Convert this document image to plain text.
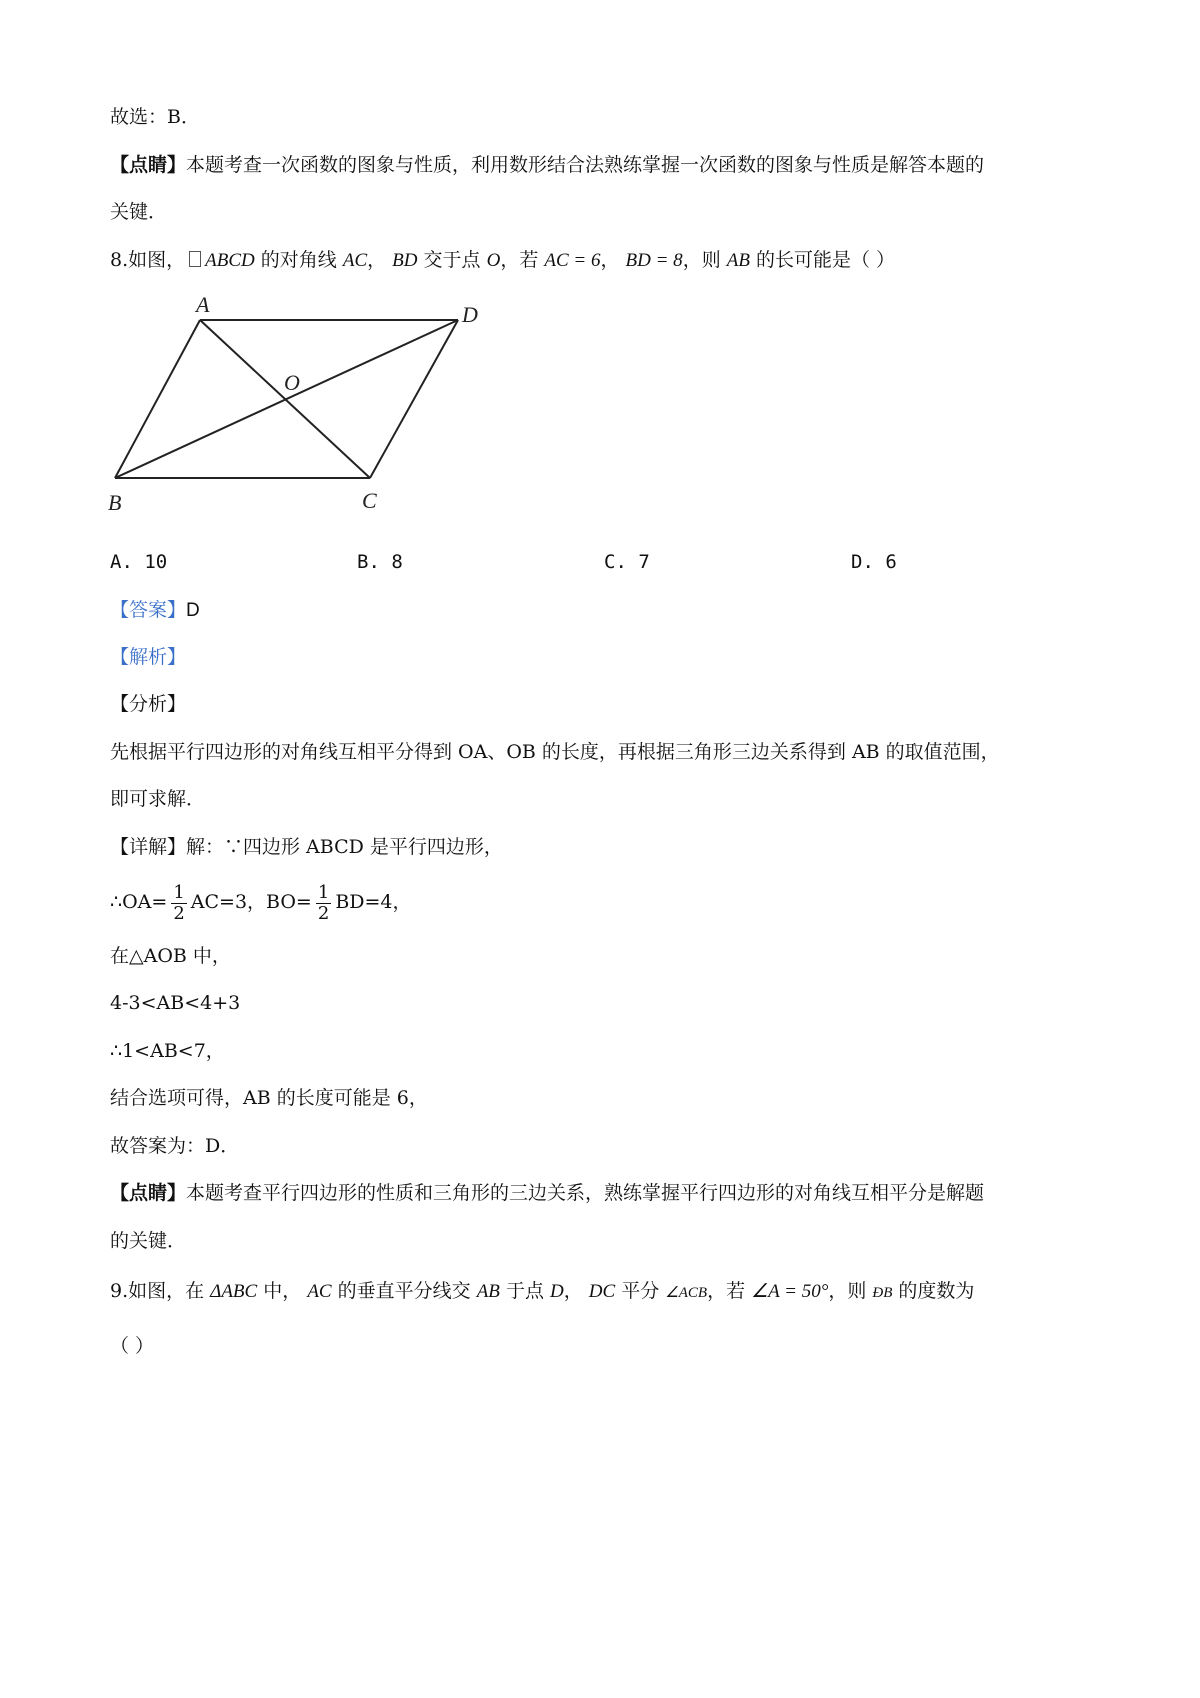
故选：B．
【点睛】本题考查一次函数的图象与性质，利用数形结合法熟练掌握一次函数的图象与性质是解答本题的
关键．
8.如图， ABCD 的对角线 AC， BD 交于点 O，若 AC = 6， BD = 8，则 AB 的长可能是（ ）
A	D
O
B	C
A. 10	B. 8	C. 7	D. 6
【答案】D
【解析】
【分析】
先根据平行四边形的对角线互相平分得到 OA、OB 的长度，再根据三角形三边关系得到 AB 的取值范围，
即可求解．
【详解】解：∵四边形 ABCD 是平行四边形，
∴OA= $\frac{1}{2} AC=3$，$BO= \frac{1}{2} BD=4$，
在△AOB 中，
4-3<AB<4+3
∴1<AB<7，
结合选项可得，AB 的长度可能是 6，
故答案为：D．
【点睛】本题考查平行四边形的性质和三角形的三边关系，熟练掌握平行四边形的对角线互相平分是解题
的关键．
9.如图，在 ΔABC 中， AC 的垂直平分线交 AB 于点 D， DC 平分 ∠ACB，若 ∠A = 50°，则 ÐB 的度数为
（ ）
